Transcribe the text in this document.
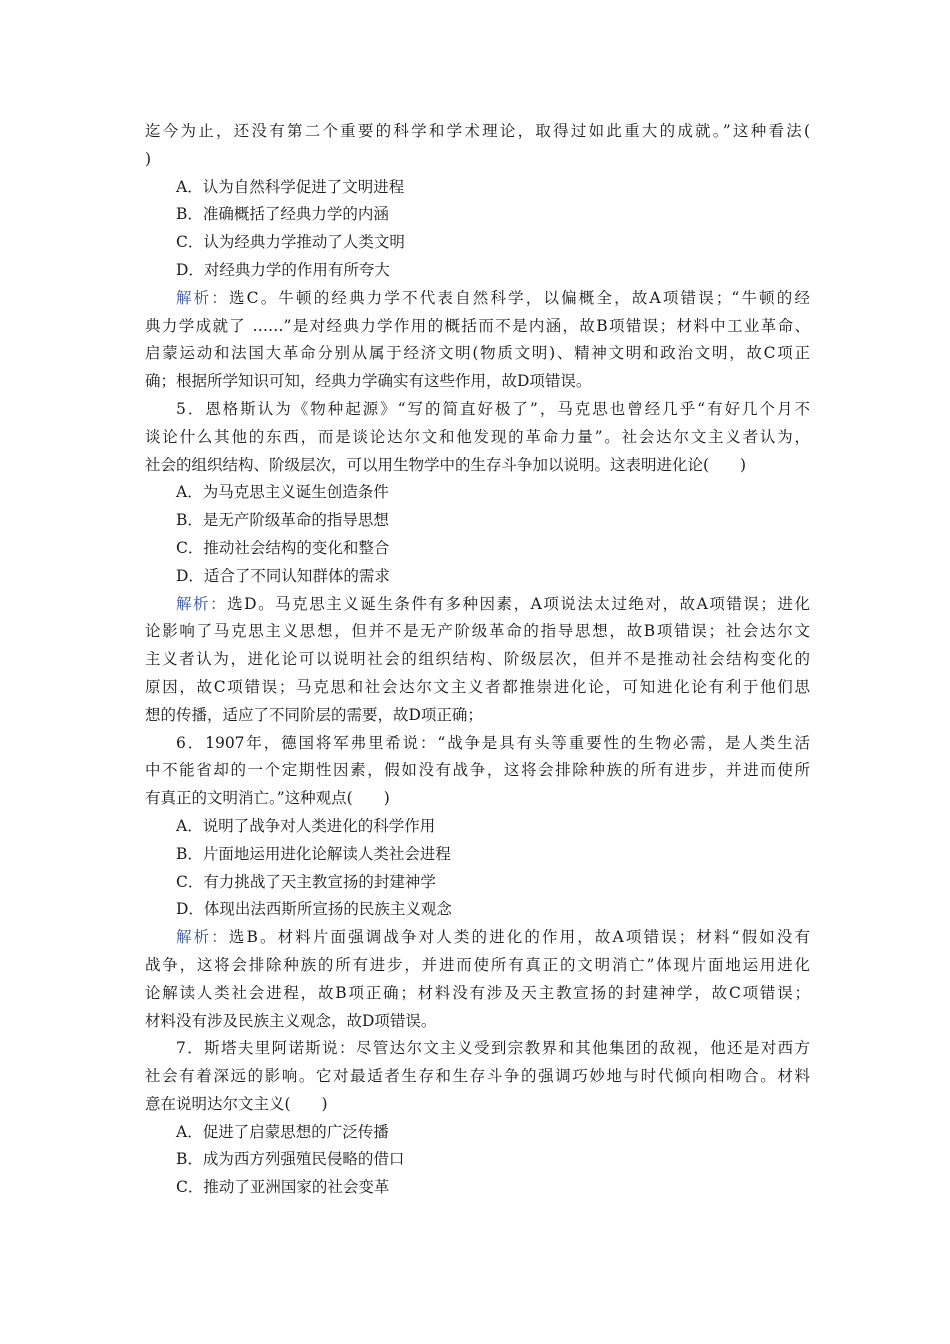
迄今为止，还没有第二个重要的科学和学术理论，取得过如此重大的成就。”这种看法(
)
A．认为自然科学促进了文明进程
B．准确概括了经典力学的内涵
C．认为经典力学推动了人类文明
D．对经典力学的作用有所夸大
解析：选C。牛顿的经典力学不代表自然科学，以偏概全，故A项错误；“牛顿的经
典力学成就了 ……”是对经典力学作用的概括而不是内涵，故B项错误；材料中工业革命、
启蒙运动和法国大革命分别从属于经济文明(物质文明)、精神文明和政治文明，故C项正
确；根据所学知识可知，经典力学确实有这些作用，故D项错误。
5．恩格斯认为《物种起源》“写的简直好极了”，马克思也曾经几乎“有好几个月不
谈论什么其他的东西，而是谈论达尔文和他发现的革命力量”。社会达尔文主义者认为，
社会的组织结构、阶级层次，可以用生物学中的生存斗争加以说明。这表明进化论(　　)
A．为马克思主义诞生创造条件
B．是无产阶级革命的指导思想
C．推动社会结构的变化和整合
D．适合了不同认知群体的需求
解析：选D。马克思主义诞生条件有多种因素，A项说法太过绝对，故A项错误；进化
论影响了马克思主义思想，但并不是无产阶级革命的指导思想，故B项错误；社会达尔文
主义者认为，进化论可以说明社会的组织结构、阶级层次，但并不是推动社会结构变化的
原因，故C项错误；马克思和社会达尔文主义者都推崇进化论，可知进化论有利于他们思
想的传播，适应了不同阶层的需要，故D项正确；
6．1907年，德国将军弗里希说：“战争是具有头等重要性的生物必需，是人类生活
中不能省却的一个定期性因素，假如没有战争，这将会排除种族的所有进步，并进而使所
有真正的文明消亡。”这种观点(　　)
A．说明了战争对人类进化的科学作用
B．片面地运用进化论解读人类社会进程
C．有力挑战了天主教宣扬的封建神学
D．体现出法西斯所宣扬的民族主义观念
解析：选B。材料片面强调战争对人类的进化的作用，故A项错误；材料“假如没有
战争，这将会排除种族的所有进步，并进而使所有真正的文明消亡”体现片面地运用进化
论解读人类社会进程，故B项正确；材料没有涉及天主教宣扬的封建神学，故C项错误；
材料没有涉及民族主义观念，故D项错误。
7．斯塔夫里阿诺斯说：尽管达尔文主义受到宗教界和其他集团的敌视，他还是对西方
社会有着深远的影响。它对最适者生存和生存斗争的强调巧妙地与时代倾向相吻合。材料
意在说明达尔文主义(　　)
A．促进了启蒙思想的广泛传播
B．成为西方列强殖民侵略的借口
C．推动了亚洲国家的社会变革
